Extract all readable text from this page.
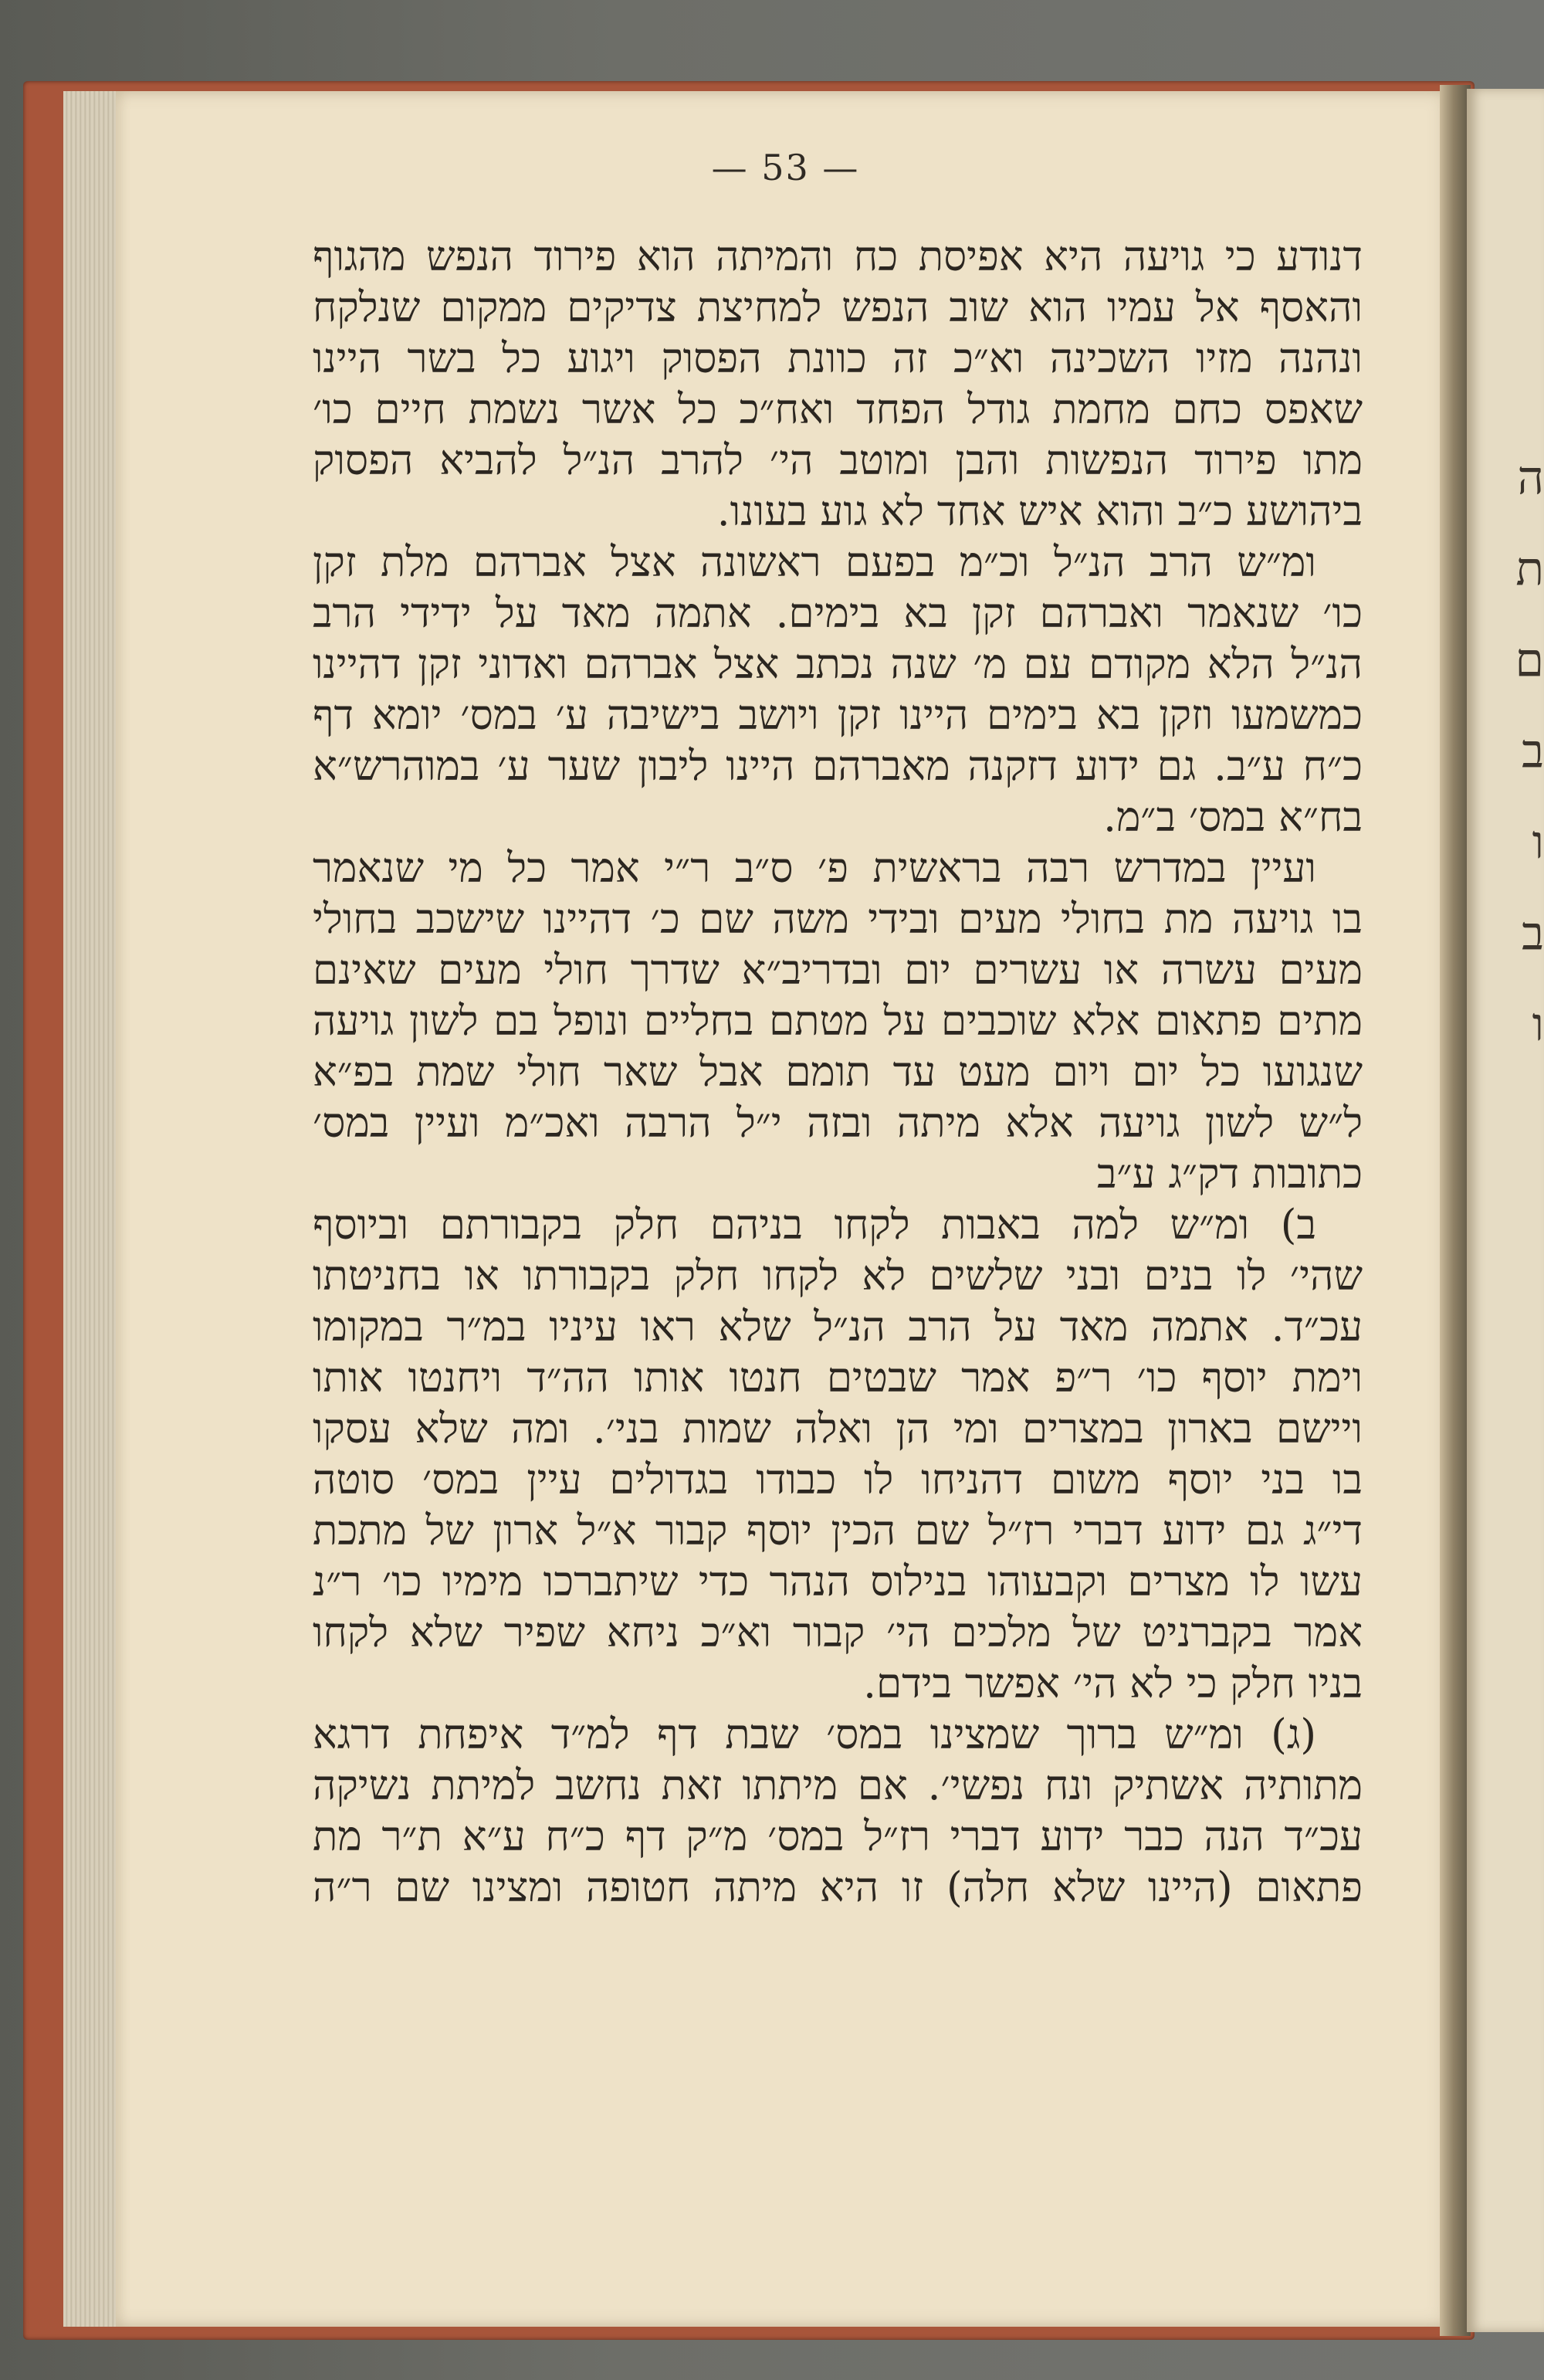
ה
ת
ם
ב
ו
ב
ו
— 53 —
דנודע כי גויעה היא אפיסת כח והמיתה הוא פירוד הנפש מהגוף
והאסף אל עמיו הוא שוב הנפש למחיצת צדיקים ממקום שנלקח
ונהנה מזיו השכינה וא״כ זה כוונת הפסוק ויגוע כל בשר היינו
שאפס כחם מחמת גודל הפחד ואח״כ כל אשר נשמת חיים כו׳
מתו פירוד הנפשות והבן ומוטב הי׳ להרב הנ״ל להביא הפסוק
ביהושע כ״ב והוא איש אחד לא גוע בעונו.
ומ״ש הרב הנ״ל וכ״מ בפעם ראשונה אצל אברהם מלת זקן
כו׳ שנאמר ואברהם זקן בא בימים. אתמה מאד על ידידי הרב
הנ״ל הלא מקודם עם מ׳ שנה נכתב אצל אברהם ואדוני זקן דהיינו
כמשמעו וזקן בא בימים היינו זקן ויושב בישיבה ע׳ במס׳ יומא דף
כ״ח ע״ב. גם ידוע דזקנה מאברהם היינו ליבון שער ע׳ במוהרש״א
בח״א במס׳ ב״מ.
ועיין במדרש רבה בראשית פ׳ ס״ב ר״י אמר כל מי שנאמר
בו גויעה מת בחולי מעים ובידי משה שם כ׳ דהיינו שישכב בחולי
מעים עשרה או עשרים יום ובדריב״א שדרך חולי מעים שאינם
מתים פתאום אלא שוכבים על מטתם בחליים ונופל בם לשון גויעה
שנגועו כל יום ויום מעט עד תומם אבל שאר חולי שמת בפ״א
ל״ש לשון גויעה אלא מיתה ובזה י״ל הרבה ואכ״מ ועיין במס׳
כתובות דק״ג ע״ב
ב) ומ״ש למה באבות לקחו בניהם חלק בקבורתם וביוסף
שהי׳ לו בנים ובני שלשים לא לקחו חלק בקבורתו או בחניטתו
עכ״ד. אתמה מאד על הרב הנ״ל שלא ראו עיניו במ״ר במקומו
וימת יוסף כו׳ ר״פ אמר שבטים חנטו אותו הה״ד ויחנטו אותו
ויישם בארון במצרים ומי הן ואלה שמות בני׳. ומה שלא עסקו
בו בני יוסף משום דהניחו לו כבודו בגדולים עיין במס׳ סוטה
די״ג גם ידוע דברי רז״ל שם הכין יוסף קבור א״ל ארון של מתכת
עשו לו מצרים וקבעוהו בנילוס הנהר כדי שיתברכו מימיו כו׳ ר״נ
אמר בקברניט של מלכים הי׳ קבור וא״כ ניחא שפיר שלא לקחו
בניו חלק כי לא הי׳ אפשר בידם.
(ג) ומ״ש ברוך שמצינו במס׳ שבת דף למ״ד איפחת דרגא
מתותיה אשתיק ונח נפשי׳. אם מיתתו זאת נחשב למיתת נשיקה
עכ״ד הנה כבר ידוע דברי רז״ל במס׳ מ״ק דף כ״ח ע״א ת״ר מת
פתאום (היינו שלא חלה) זו היא מיתה חטופה ומצינו שם ר״ה
